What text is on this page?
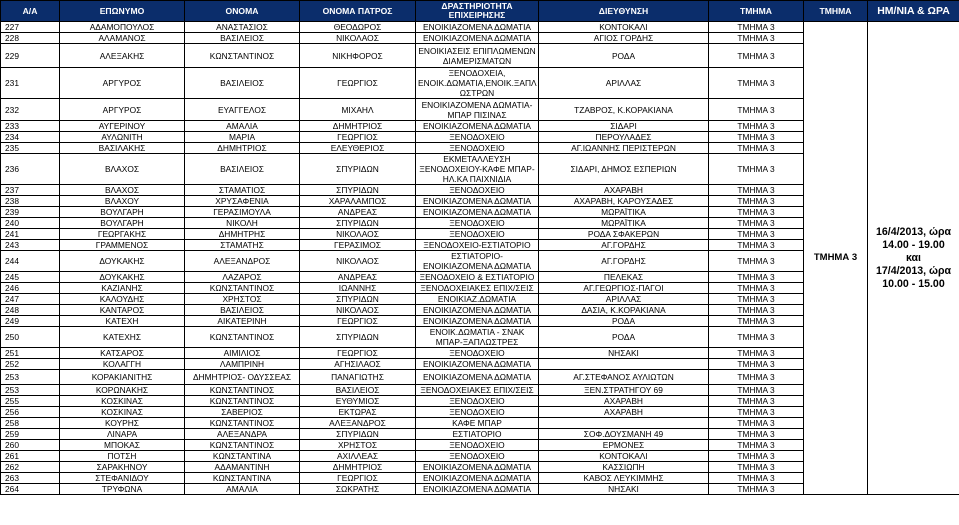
Α/Α	ΕΠΩΝΥΜΟ	ΟΝΟΜΑ	ΟΝΟΜΑ ΠΑΤΡΟΣ	ΔΡΑΣΤΗΡΙΟΤΗΤΑ ΕΠΙΧΕΙΡΗΣΗΣ	ΔΙΕΥΘΥΝΣΗ	ΤΜΗΜΑ	ΤΜΗΜΑ	HM/NIA & ΩΡΑ
227	ΑΔΑΜΟΠΟΥΛΟΣ	ΑΝΑΣΤΑΣΙΟΣ	ΘΕΟΔΩΡΟΣ	ΕΝΟΙΚΙΑΖΟΜΕΝΑ ΔΩΜΑΤΙΑ	ΚΟΝΤΟΚΑΛΙ	ΤΜΗΜΑ 3	ΤΜΗΜΑ 3	16/4/2013, ώρα
14.00 - 19.00
και
17/4/2013, ώρα
10.00 - 15.00

228	ΑΛΑΜΑΝΟΣ	ΒΑΣΙΛΕΙΟΣ	ΝΙΚΟΛΑΟΣ	ΕΝΟΙΚΙΑΖΟΜΕΝΑ ΔΩΜΑΤΙΑ	ΑΓΙΟΣ ΓΟΡΔΗΣ	ΤΜΗΜΑ 3		
229	ΑΛΕΞΑΚΗΣ	ΚΩΝΣΤΑΝΤΙΝΟΣ	ΝΙΚΗΦΟΡΟΣ	ΕΝΟΙΚΙΑΣΕΙΣ ΕΠΙΠΛΩΜΕΝΩΝ ΔΙΑΜΕΡΙΣΜΑΤΩΝ	ΡΟΔΑ	ΤΜΗΜΑ 3		
231	ΑΡΓΥΡΟΣ	ΒΑΣΙΛΕΙΟΣ	ΓΕΩΡΓΙΟΣ	ΞΕΝΟΔΟΧΕΙΑ, ΕΝΟΙΚ.ΔΩΜΑΤΙΑ,ΕΝΟΙΚ.ΞΑΠΛ ΩΣΤΡΩΝ	ΑΡΙΛΛΑΣ	ΤΜΗΜΑ 3		
232	ΑΡΓΥΡΟΣ	ΕΥΑΓΓΕΛΟΣ	ΜΙΧΑΗΛ	ΕΝΟΙΚΙΑΖΟΜΕΝΑ ΔΩΜΑΤΙΑ- ΜΠΑΡ ΠΙΣΙΝΑΣ	ΤΖΑΒΡΟΣ, Κ.ΚΟΡΑΚΙΑΝΑ	ΤΜΗΜΑ 3		
233	ΑΥΓΕΡΙΝΟΥ	ΑΜΑΛΙΑ	ΔΗΜΗΤΡΙΟΣ	ΕΝΟΙΚΙΑΖΟΜΕΝΑ ΔΩΜΑΤΙΑ	ΣΙΔΑΡΙ	ΤΜΗΜΑ 3		
234	ΑΥΛΩΝΙΤΗ	ΜΑΡΙΑ	ΓΕΩΡΓΙΟΣ	ΞΕΝΟΔΟΧΕΙΟ	ΠΕΡΟΥΛΑΔΕΣ	ΤΜΗΜΑ 3		
235	ΒΑΣΙΛΑΚΗΣ	ΔΗΜΗΤΡΙΟΣ	ΕΛΕΥΘΕΡΙΟΣ	ΞΕΝΟΔΟΧΕΙΟ	ΑΓ.ΙΩΑΝΝΗΣ ΠΕΡΙΣΤΕΡΩΝ	ΤΜΗΜΑ 3		
236	ΒΛΑΧΟΣ	ΒΑΣΙΛΕΙΟΣ	ΣΠΥΡΙΔΩΝ	ΕΚΜΕΤΑΛΛΕΥΣΗ ΞΕΝΟΔΟΧΕΙΟΥ-ΚΑΦΕ ΜΠΑΡ- ΗΛ.ΚΑ ΠΑΙΧΝΙΔΙΑ	ΣΙΔΑΡΙ, ΔΗΜΟΣ ΕΣΠΕΡΙΩΝ	ΤΜΗΜΑ 3		
237	ΒΛΑΧΟΣ	ΣΤΑΜΑΤΙΟΣ	ΣΠΥΡΙΔΩΝ	ΞΕΝΟΔΟΧΕΙΟ	ΑΧΑΡΑΒΗ	ΤΜΗΜΑ 3		
238	ΒΛΑΧΟΥ	ΧΡΥΣΑΦΕΝΙΑ	ΧΑΡΑΛΑΜΠΟΣ	ΕΝΟΙΚΙΑΖΟΜΕΝΑ ΔΩΜΑΤΙΑ	ΑΧΑΡΑΒΗ, ΚΑΡΟΥΣΑΔΕΣ	ΤΜΗΜΑ 3		
239	ΒΟΥΛΓΑΡΗ	ΓΕΡΑΣΙΜΟΥΛΑ	ΑΝΔΡΕΑΣ	ΕΝΟΙΚΙΑΖΟΜΕΝΑ ΔΩΜΑΤΙΑ	ΜΩΡΑΪΤΙΚΑ	ΤΜΗΜΑ 3		
240	ΒΟΥΛΓΑΡΗ	ΝΙΚΟΛΗ	ΣΠΥΡΙΔΩΝ	ΞΕΝΟΔΟΧΕΙΟ	ΜΩΡΑΪΤΙΚΑ	ΤΜΗΜΑ 3		
241	ΓΕΩΡΓΑΚΗΣ	ΔΗΜΗΤΡΗΣ	ΝΙΚΟΛΑΟΣ	ΞΕΝΟΔΟΧΕΙΟ	ΡΟΔΑ ΣΦΑΚΕΡΩΝ	ΤΜΗΜΑ 3		
243	ΓΡΑΜΜΕΝΟΣ	ΣΤΑΜΑΤΗΣ	ΓΕΡΑΣΙΜΟΣ	ΞΕΝΟΔΟΧΕΙΟ-ΕΣΤΙΑΤΟΡΙΟ	ΑΓ.ΓΟΡΔΗΣ	ΤΜΗΜΑ 3		
244	ΔΟΥΚΑΚΗΣ	ΑΛΕΞΑΝΔΡΟΣ	ΝΙΚΟΛΑΟΣ	ΕΣΤΙΑΤΟΡΙΟ- ΕΝΟΙΚΙΑΖΟΜΕΝΑ ΔΩΜΑΤΙΑ	ΑΓ.ΓΟΡΔΗΣ	ΤΜΗΜΑ 3		
245	ΔΟΥΚΑΚΗΣ	ΛΑΖΑΡΟΣ	ΑΝΔΡΕΑΣ	ΞΕΝΟΔΟΧΕΙΟ & ΕΣΤΙΑΤΟΡΙΟ	ΠΕΛΕΚΑΣ	ΤΜΗΜΑ 3		
246	ΚΑΖΙΑΝΗΣ	ΚΩΝΣΤΑΝΤΙΝΟΣ	ΙΩΑΝΝΗΣ	ΞΕΝΟΔΟΧΕΙΑΚΕΣ ΕΠΙΧ/ΣΕΙΣ	ΑΓ.ΓΕΩΡΓΙΟΣ-ΠΑΓΟΙ	ΤΜΗΜΑ 3		
247	ΚΑΛΟΥΔΗΣ	ΧΡΗΣΤΟΣ	ΣΠΥΡΙΔΩΝ	ΕΝΟΙΚΙΑΖ.ΔΩΜΑΤΙΑ	ΑΡΙΛΛΑΣ	ΤΜΗΜΑ 3		
248	ΚΑΝΤΑΡΟΣ	ΒΑΣΙΛΕΙΟΣ	ΝΙΚΟΛΑΟΣ	ΕΝΟΙΚΙΑΖΟΜΕΝΑ ΔΩΜΑΤΙΑ	ΔΑΣΙΑ, Κ.ΚΟΡΑΚΙΑΝΑ	ΤΜΗΜΑ 3		
249	ΚΑΤΕΧΗ	ΑΙΚΑΤΕΡΙΝΗ	ΓΕΩΡΓΙΟΣ	ΕΝΟΙΚΙΑΖΟΜΕΝΑ ΔΩΜΑΤΙΑ	ΡΟΔΑ	ΤΜΗΜΑ 3		
250	ΚΑΤΕΧΗΣ	ΚΩΝΣΤΑΝΤΙΝΟΣ	ΣΠΥΡΙΔΩΝ	ΕΝΟΙΚ.ΔΩΜΑΤΙΑ - ΣΝΑΚ ΜΠΑΡ-ΞΑΠΛΩΣΤΡΕΣ	ΡΟΔΑ	ΤΜΗΜΑ 3		
251	ΚΑΤΣΑΡΟΣ	ΑΙΜΙΛΙΟΣ	ΓΕΩΡΓΙΟΣ	ΞΕΝΟΔΟΧΕΙΟ	ΝΗΣΑΚΙ	ΤΜΗΜΑ 3		
252	ΚΟΛΑΓΓΗ	ΛΑΜΠΡΙΝΗ	ΑΓΗΣΙΛΑΟΣ	ΕΝΟΙΚΙΑΖΟΜΕΝΑ ΔΩΜΑΤΙΑ		ΤΜΗΜΑ 3		
253	ΚΟΡΑΚΙΑΝΙΤΗΣ	ΔΗΜΗΤΡΙΟΣ- ΟΔΥΣΣΕΑΣ	ΠΑΝΑΓΙΩΤΗΣ	ΕΝΟΙΚΙΑΖΟΜΕΝΑ ΔΩΜΑΤΙΑ	ΑΓ.ΣΤΕΦΑΝΟΣ ΑΥΛΙΩΤΩΝ	ΤΜΗΜΑ 3		
253	ΚΟΡΩΝΑΚΗΣ	ΚΩΝΣΤΑΝΤΙΝΟΣ	ΒΑΣΙΛΕΙΟΣ	ΞΕΝΟΔΟΧΕΙΑΚΕΣ ΕΠΙΧ/ΣΕΙΣ	ΞΕΝ.ΣΤΡΑΤΗΓΟΥ 69	ΤΜΗΜΑ 3		
255	ΚΟΣΚΙΝΑΣ	ΚΩΝΣΤΑΝΤΙΝΟΣ	ΕΥΘΥΜΙΟΣ	ΞΕΝΟΔΟΧΕΙΟ	ΑΧΑΡΑΒΗ	ΤΜΗΜΑ 3		
256	ΚΟΣΚΙΝΑΣ	ΣΑΒΕΡΙΟΣ	ΕΚΤΩΡΑΣ	ΞΕΝΟΔΟΧΕΙΟ	ΑΧΑΡΑΒΗ	ΤΜΗΜΑ 3		
258	ΚΟΥΡΗΣ	ΚΩΝΣΤΑΝΤΙΝΟΣ	ΑΛΕΞΑΝΔΡΟΣ	ΚΑΦΕ ΜΠΑΡ		ΤΜΗΜΑ 3		
259	ΛΙΝΑΡΑ	ΑΛΕΞΑΝΔΡΑ	ΣΠΥΡΙΔΩΝ	ΕΣΤΙΑΤΟΡΙΟ	ΣΟΦ.ΔΟΥΣΜΑΝΗ 49	ΤΜΗΜΑ 3		
260	ΜΠΟΚΑΣ	ΚΩΝΣΤΑΝΤΙΝΟΣ	ΧΡΗΣΤΟΣ	ΞΕΝΟΔΟΧΕΙΟ	ΕΡΜΟΝΕΣ	ΤΜΗΜΑ 3		
261	ΠΟΤΣΗ	ΚΩΝΣΤΑΝΤΙΝΑ	ΑΧΙΛΛΕΑΣ	ΞΕΝΟΔΟΧΕΙΟ	ΚΟΝΤΟΚΑΛΙ	ΤΜΗΜΑ 3		
262	ΣΑΡΑΚΗΝΟΥ	ΑΔΑΜΑΝΤΙΝΗ	ΔΗΜΗΤΡΙΟΣ	ΕΝΟΙΚΙΑΖΟΜΕΝΑ ΔΩΜΑΤΙΑ	ΚΑΣΣΙΩΠΗ	ΤΜΗΜΑ 3		
263	ΣΤΕΦΑΝΙΔΟΥ	ΚΩΝΣΤΑΝΤΙΝΑ	ΓΕΩΡΓΙΟΣ	ΕΝΟΙΚΙΑΖΟΜΕΝΑ ΔΩΜΑΤΙΑ	ΚΑΒΟΣ ΛΕΥΚΙΜΜΗΣ	ΤΜΗΜΑ 3		
264	ΤΡΥΦΩΝΑ	ΑΜΑΛΙΑ	ΣΩΚΡΑΤΗΣ	ΕΝΟΙΚΙΑΖΟΜΕΝΑ ΔΩΜΑΤΙΑ	ΝΗΣΑΚΙ	ΤΜΗΜΑ 3		
